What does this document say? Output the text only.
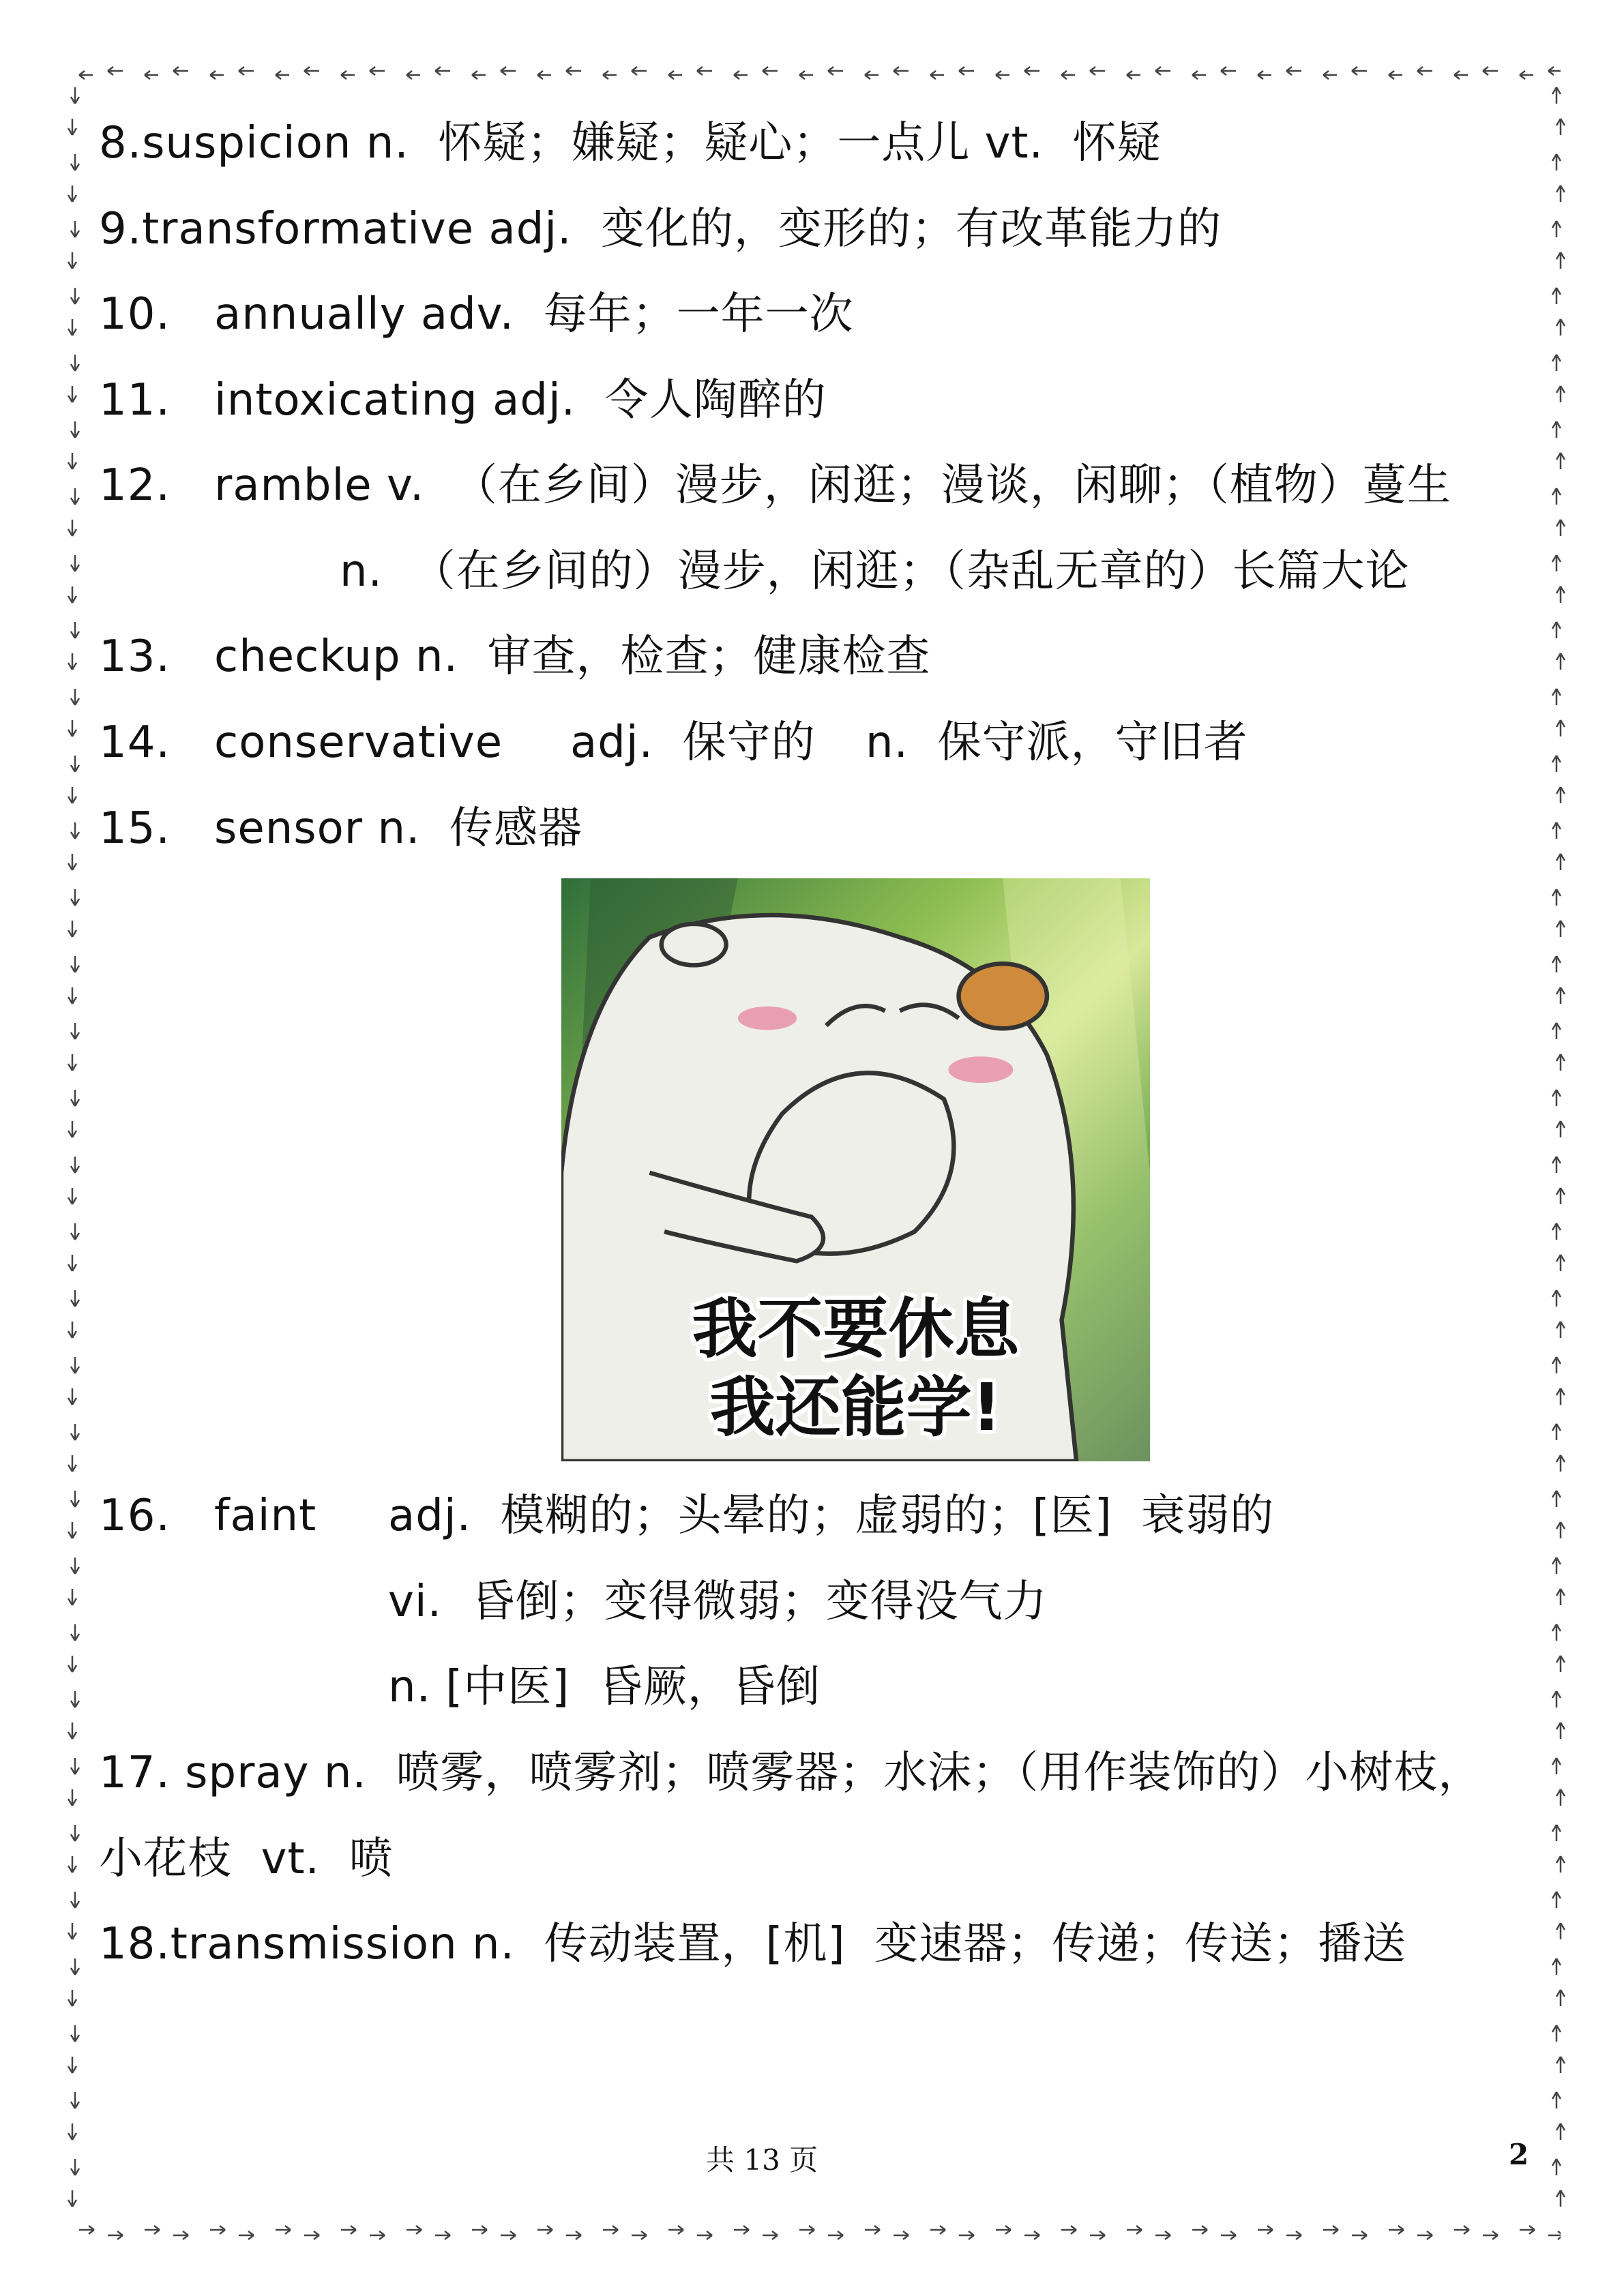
8.suspicion n.  怀疑；嫌疑；疑心；一点儿 vt.  怀疑
9.transformative adj.  变化的，变形的；有改革能力的
10. annually adv.  每年；一年一次
11. intoxicating adj.  令人陶醉的
12. ramble v.  （在乡间）漫步，闲逛；漫谈，闲聊；（植物）蔓生
n.  （在乡间的）漫步，闲逛；（杂乱无章的）长篇大论
13. checkup n.  审查，检查；健康检查
14. conservative adj.  保守的 n.  保守派，守旧者
15. sensor n.  传感器
我不要休息
我还能学!
16. faint adj.  模糊的；头晕的；虚弱的；[医]  衰弱的
vi.  昏倒；变得微弱；变得没气力
n. [中医]  昏厥，昏倒
17. spray n.  喷雾，喷雾剂；喷雾器；水沫；（用作装饰的）小树枝，
小花枝  vt.  喷
18.transmission n.  传动装置，[机]  变速器；传递；传送；播送
共 13 页	2
